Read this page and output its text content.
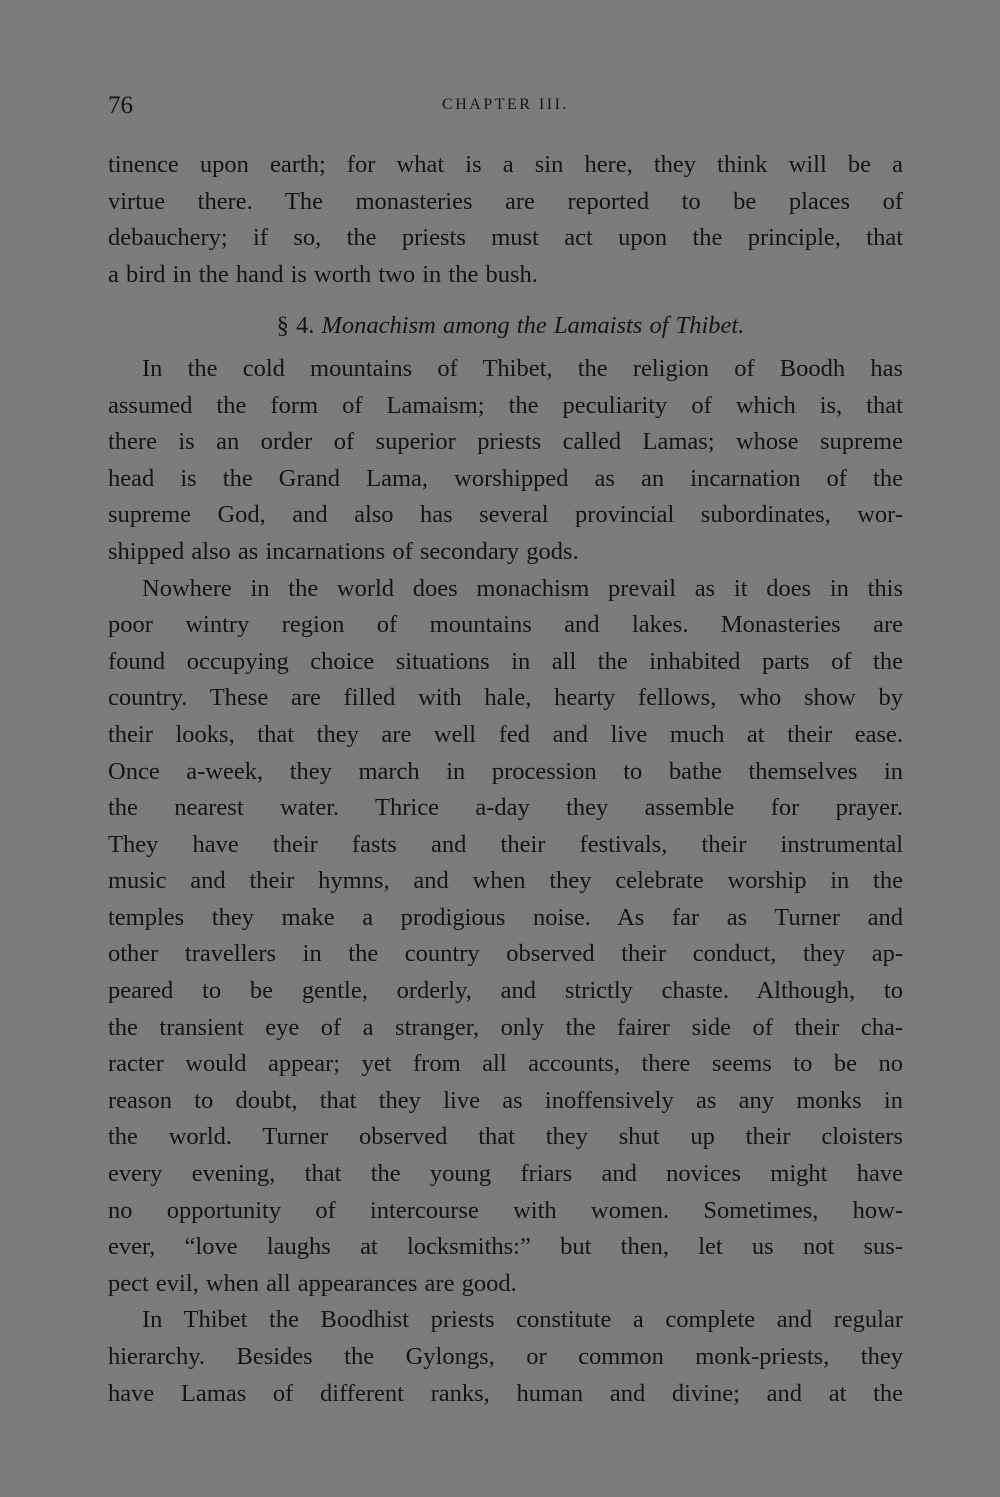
76	CHAPTER III.
tinence upon earth; for what is a sin here, they think will be a
virtue there. The monasteries are reported to be places of
debauchery; if so, the priests must act upon the principle, that
a bird in the hand is worth two in the bush.
§ 4. Monachism among the Lamaists of Thibet.
In the cold mountains of Thibet, the religion of Boodh has
assumed the form of Lamaism; the peculiarity of which is, that
there is an order of superior priests called Lamas; whose supreme
head is the Grand Lama, worshipped as an incarnation of the
supreme God, and also has several provincial subordinates, wor-
shipped also as incarnations of secondary gods.
Nowhere in the world does monachism prevail as it does in this
poor wintry region of mountains and lakes. Monasteries are
found occupying choice situations in all the inhabited parts of the
country. These are filled with hale, hearty fellows, who show by
their looks, that they are well fed and live much at their ease.
Once a-week, they march in procession to bathe themselves in
the nearest water. Thrice a-day they assemble for prayer.
They have their fasts and their festivals, their instrumental
music and their hymns, and when they celebrate worship in the
temples they make a prodigious noise. As far as Turner and
other travellers in the country observed their conduct, they ap-
peared to be gentle, orderly, and strictly chaste. Although, to
the transient eye of a stranger, only the fairer side of their cha-
racter would appear; yet from all accounts, there seems to be no
reason to doubt, that they live as inoffensively as any monks in
the world. Turner observed that they shut up their cloisters
every evening, that the young friars and novices might have
no opportunity of intercourse with women. Sometimes, how-
ever, “love laughs at locksmiths:” but then, let us not sus-
pect evil, when all appearances are good.
In Thibet the Boodhist priests constitute a complete and regular
hierarchy. Besides the Gylongs, or common monk-priests, they
have Lamas of different ranks, human and divine; and at the
